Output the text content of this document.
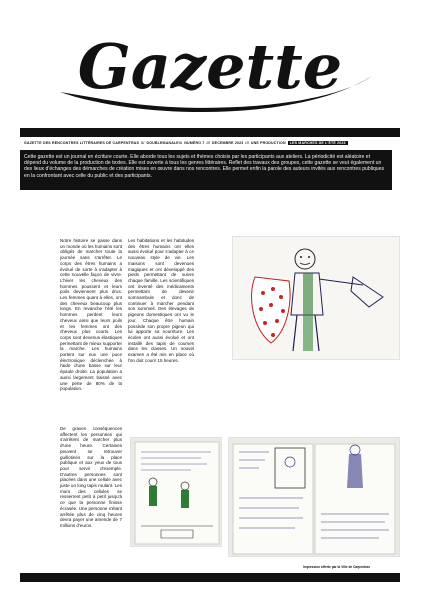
Gazette
GAZETTE DES RENCONTRES LITTÉRAIRES DE CARPENTRAS /// DOUBLEMANALE/// NUMÉRO 7 /// DÉCEMBRE 2023 /// UNE PRODUCTION	LES MARCHES DE L'ÉTÉ 2023
Cette gazette est un journal en écriture courte. Elle aborde tous les sujets et thèmes choisis par les participants aux ateliers. La périodicité est aléatoire et dépend du volume de la production de textes. Elle est ouverte à tous les genres littéraires. Reflet des travaux des groupes, cette gazette se veut également un des lieux d'échanges des démarches de création mises en œuvre dans nos rencontres. Elle permet enfin la parole des auteurs invités aux rencontres publiques en la confrontant avec celle du public et des participants.
Notre histoire se passe dans un monde où les humains sont obligés de marcher toute la journée sans s'arrêter. Le corps des êtres humains a évolué de sorte à s'adapter à cette nouvelle façon de vivre. L'hiver les cheveux des hommes poussent et leurs poils deviennent plus drus. Les femmes quant à elles, ont des cheveux beaucoup plus longs. En revanche l'été les hommes perdent leurs cheveux ainsi que leurs poils et les femmes ont des cheveux plus courts. Les corps sont devenus élastiques permettant de mieux supporter la marche. Les humains portent sur eux une puce électronique déclenchée à l'aide d'une basse sur leur épaule droite. La population a aussi largement baissé avec une perte de 80% de la population.
De graves conséquences affectent les personnes qui s'arrêtent de marcher plus d'une heure. Certaines peuvent se retrouver guillotinés sur la place publique et aux yeux de tous pour servir d'exemple. D'autres personnes sont placées dans une cellule avec juste un long tapis roulant. Les murs des cellules se resserrent petit à petit jusqu'à ce que la personne finisse écrasée. Une personne s'étant arrêtée plus de cinq heures devra payer une amende de 7 millions d'euros.
Les habitations et les habitudes des êtres humains ont elles aussi évolué pour s'adapter à ce nouveau style de vie. Les maisons sont devenues magiques et ont développé des pieds permettant de suivre chaque famille. Les scientifiques ont inventé des médicaments permettant de devenir somnambule et donc de continuer à marcher pendant son sommeil. Des élevages de pigeons domestiques ont vu le jour. Chaque être humain possède son propre pigeon qui lui apporte sa nourriture. Les écoles ont aussi évolué et ont installé des tapis de courses dans les classes. Un nouvel examen a été mis en place où l'on doit courir 15 heures.
Impression offerte par la Ville de Carpentras
